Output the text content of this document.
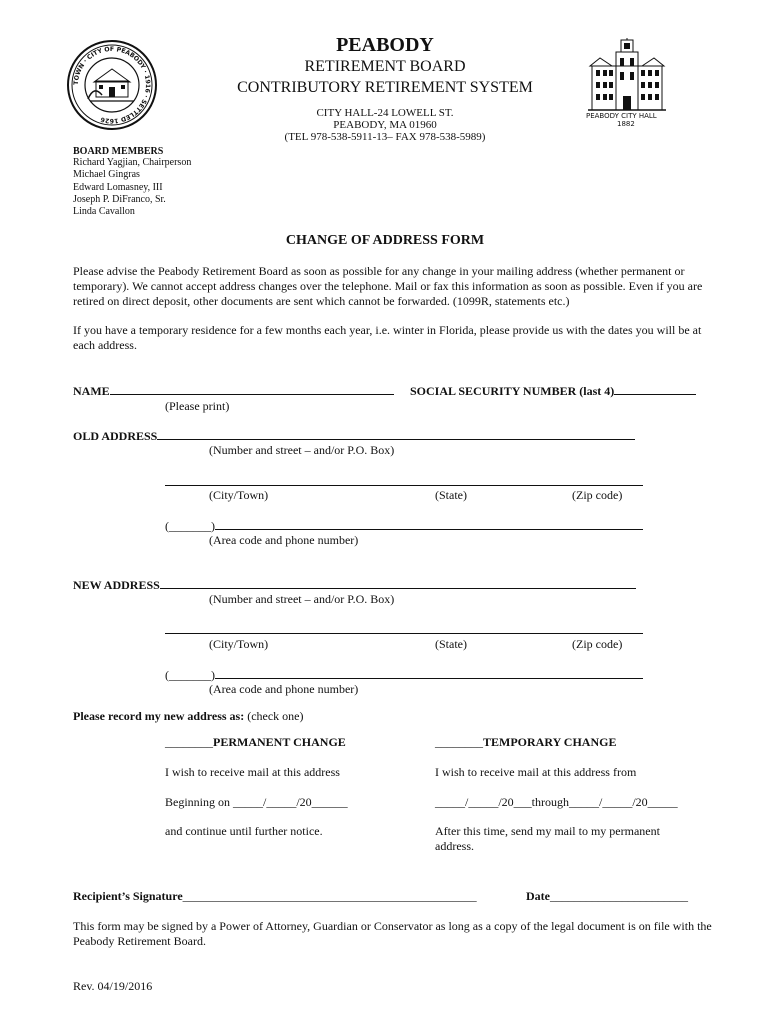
TOWN · CITY OF PEABODY · 1916 · SETTLED 1626
PEABODY
RETIREMENT BOARD
CONTRIBUTORY RETIREMENT SYSTEM
CITY HALL-24 LOWELL ST.
PEABODY, MA 01960
(TEL 978-538-5911-13– FAX 978-538-5989)
PEABODY CITY HALL
1882
BOARD MEMBERS
Richard Yagjian, Chairperson
Michael Gingras
Edward Lomasney, III
Joseph P. DiFranco, Sr.
Linda Cavallon
CHANGE OF ADDRESS FORM
Please advise the Peabody Retirement Board as soon as possible for any change in your mailing address (whether permanent or temporary). We cannot accept address changes over the telephone. Mail or fax this information as soon as possible. Even if you are retired on direct deposit, other documents are sent which cannot be forwarded. (1099R, statements etc.)
If you have a temporary residence for a few months each year, i.e. winter in Florida, please provide us with the dates you will be at each address.
NAME
(Please print)
SOCIAL SECURITY NUMBER (last 4)
OLD ADDRESS
(Number and street – and/or P.O. Box)
(City/Town)	(State)	(Zip code)
(_______)
(Area code and phone number)
NEW ADDRESS
(Number and street – and/or P.O. Box)
(City/Town)	(State)	(Zip code)
(_______)
(Area code and phone number)
Please record my new address as: (check one)
________PERMANENT CHANGE
I wish to receive mail at this address
Beginning on _____/_____/20______
and continue until further notice.
________TEMPORARY CHANGE
I wish to receive mail at this address from
_____/_____/20___through_____/_____/20_____
After this time, send my mail to my permanent
address.
Recipient’s Signature_________________________________________________	Date_______________________
This form may be signed by a Power of Attorney, Guardian or Conservator as long as a copy of the legal document is on file with the Peabody Retirement Board.
Rev. 04/19/2016
